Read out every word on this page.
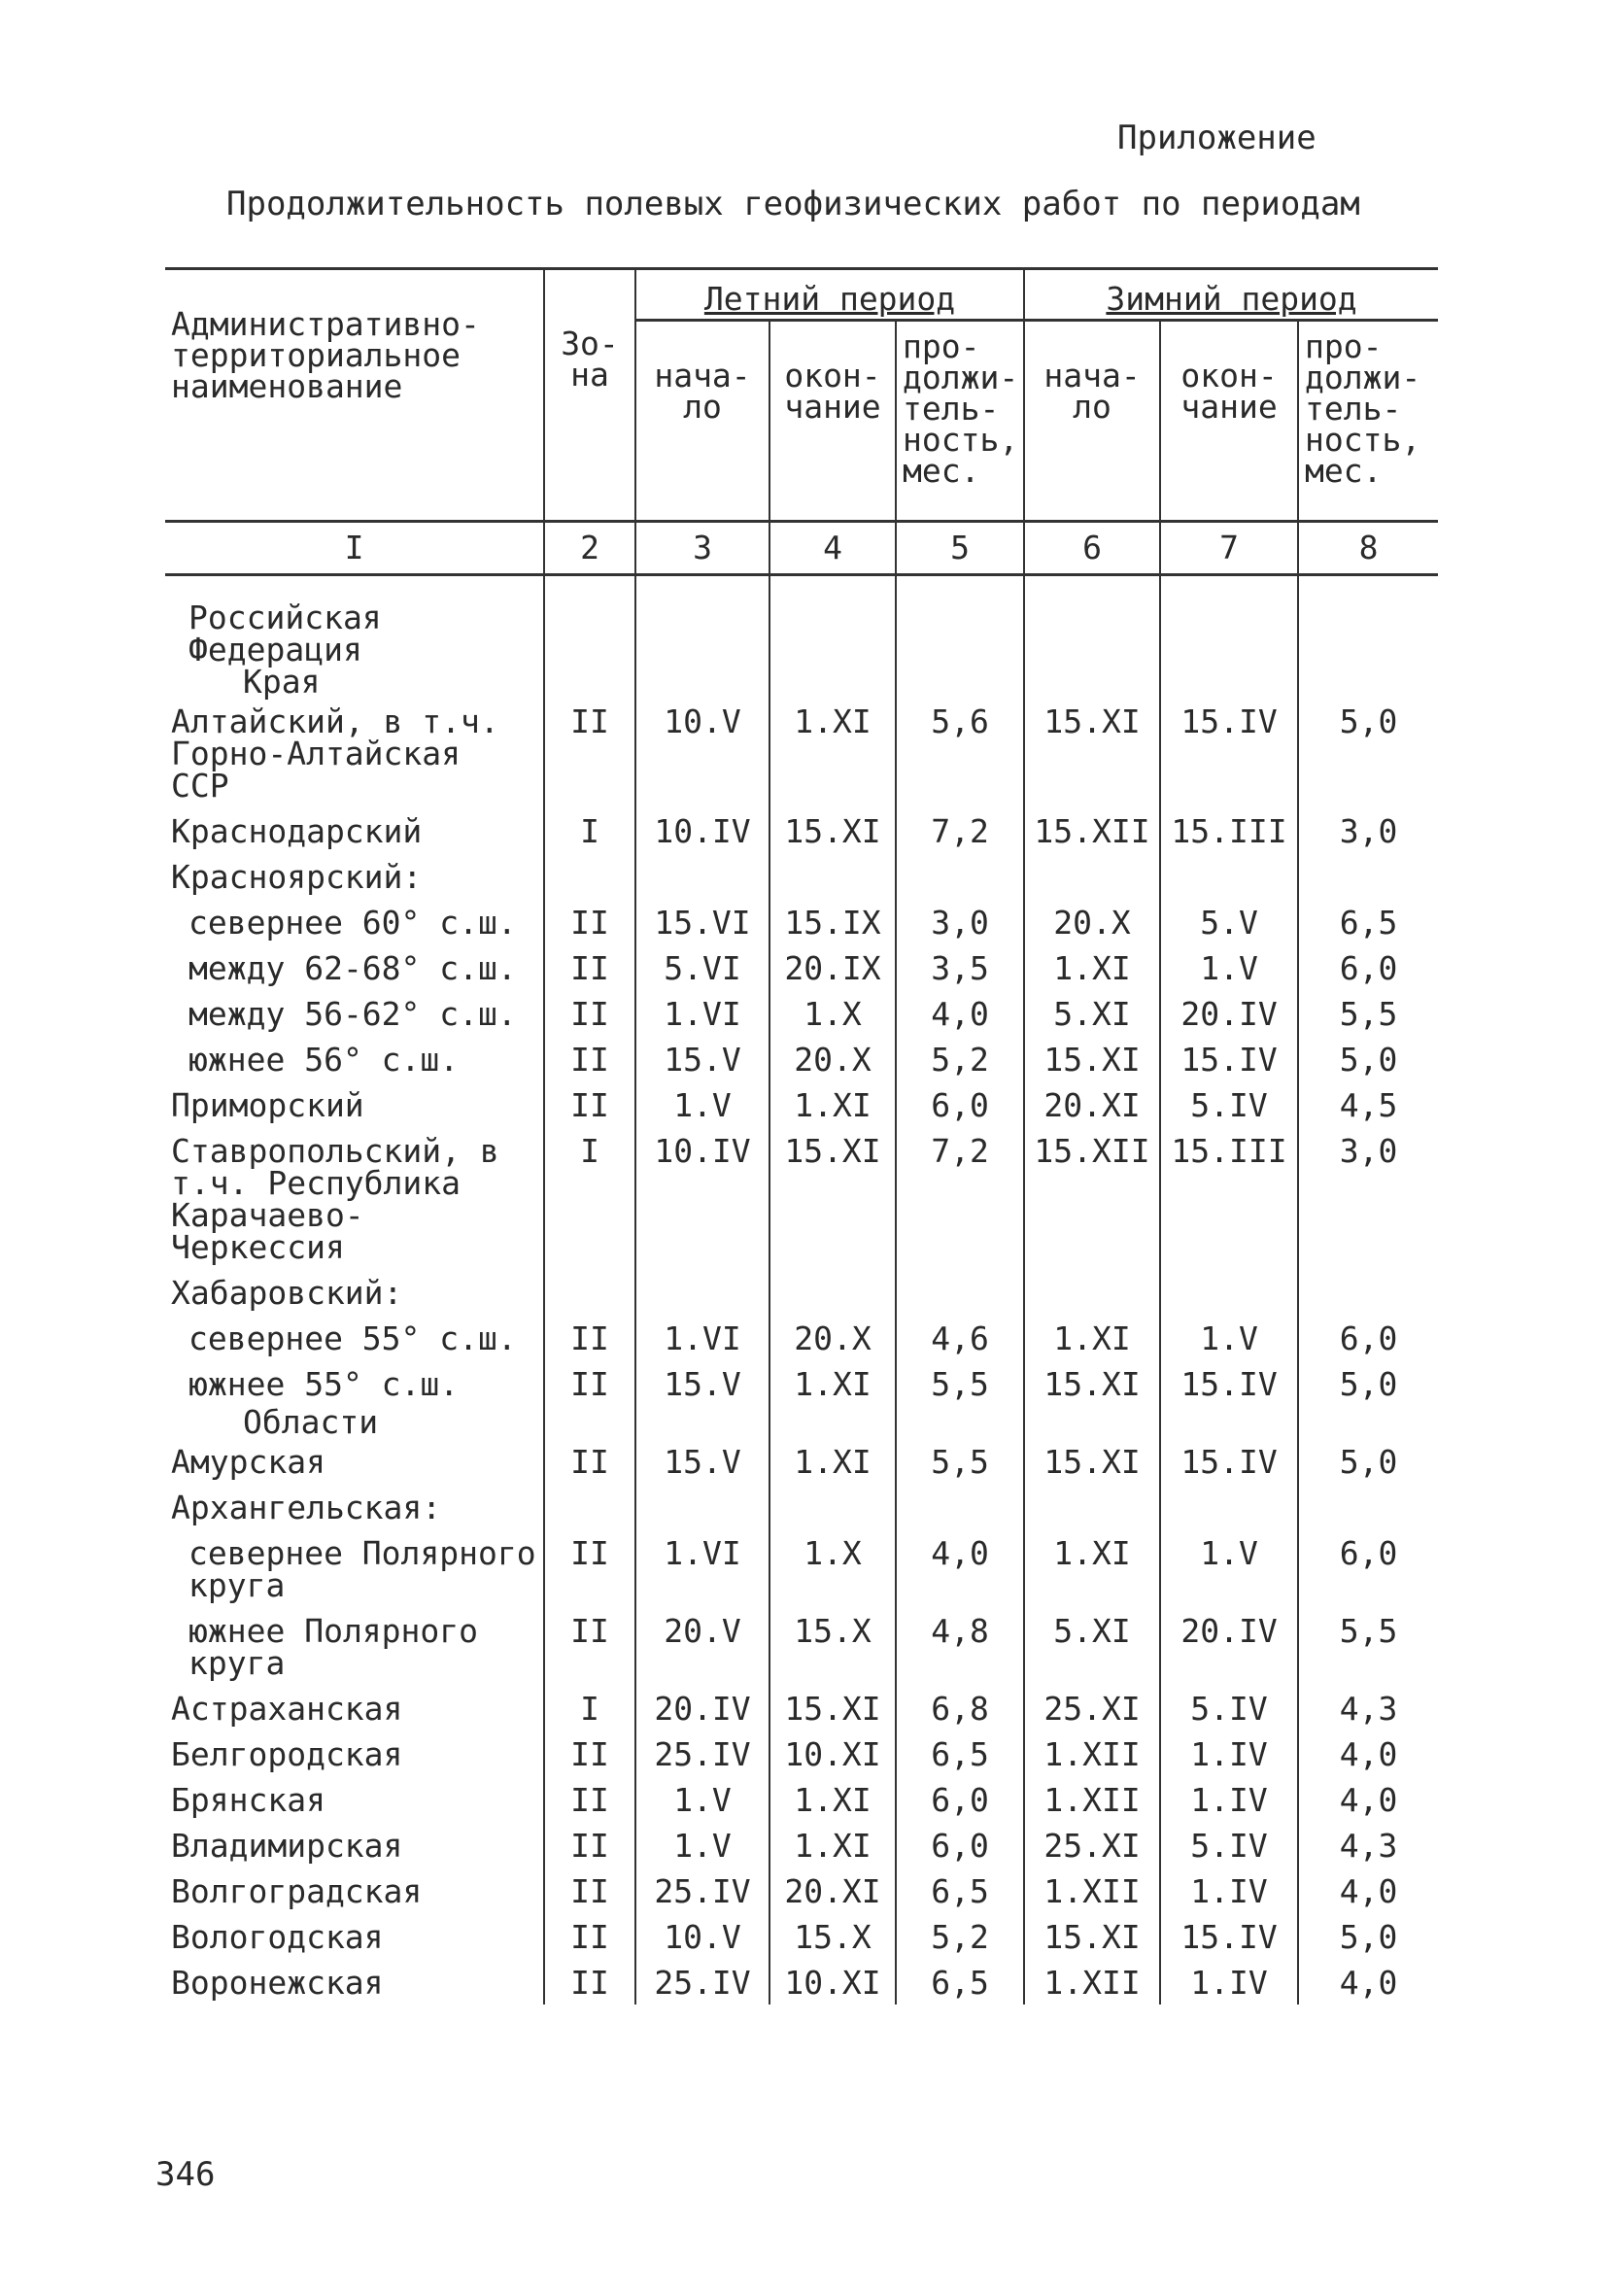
Приложение
Продолжительность полевых геофизических работ по периодам
Административно-территориальное наименование	Зо-на	Летний период			Зимний период		
		нача-ло	окон-чание	про-должи-тель-ность, мес.	нача-ло	окон-чание	про-должи-тель-ность, мес.
I	2	3	4	5	6	7	8
Российская Федерация							
Края							
Алтайский, в т.ч. Горно-Алтайская ССР	II	10.V	1.XI	5,6	15.XI	15.IV	5,0
Краснодарский	I	10.IV	15.XI	7,2	15.XII	15.III	3,0
Красноярский:							
севернее 60° с.ш.	II	15.VI	15.IX	3,0	20.X	5.V	6,5
между 62-68° с.ш.	II	5.VI	20.IX	3,5	1.XI	1.V	6,0
между 56-62° с.ш.	II	1.VI	1.X	4,0	5.XI	20.IV	5,5
южнее 56° с.ш.	II	15.V	20.X	5,2	15.XI	15.IV	5,0
Приморский	II	1.V	1.XI	6,0	20.XI	5.IV	4,5
Ставропольский, в т.ч. Республика Карачаево-Черкессия	I	10.IV	15.XI	7,2	15.XII	15.III	3,0
Хабаровский:							
севернее 55° с.ш.	II	1.VI	20.X	4,6	1.XI	1.V	6,0
южнее 55° с.ш.	II	15.V	1.XI	5,5	15.XI	15.IV	5,0
Области							
Амурская	II	15.V	1.XI	5,5	15.XI	15.IV	5,0
Архангельская:							
севернее Полярного круга	II	1.VI	1.X	4,0	1.XI	1.V	6,0
южнее Полярного круга	II	20.V	15.X	4,8	5.XI	20.IV	5,5
Астраханская	I	20.IV	15.XI	6,8	25.XI	5.IV	4,3
Белгородская	II	25.IV	10.XI	6,5	1.XII	1.IV	4,0
Брянская	II	1.V	1.XI	6,0	1.XII	1.IV	4,0
Владимирская	II	1.V	1.XI	6,0	25.XI	5.IV	4,3
Волгоградская	II	25.IV	20.XI	6,5	1.XII	1.IV	4,0
Вологодская	II	10.V	15.X	5,2	15.XI	15.IV	5,0
Воронежская	II	25.IV	10.XI	6,5	1.XII	1.IV	4,0
346
